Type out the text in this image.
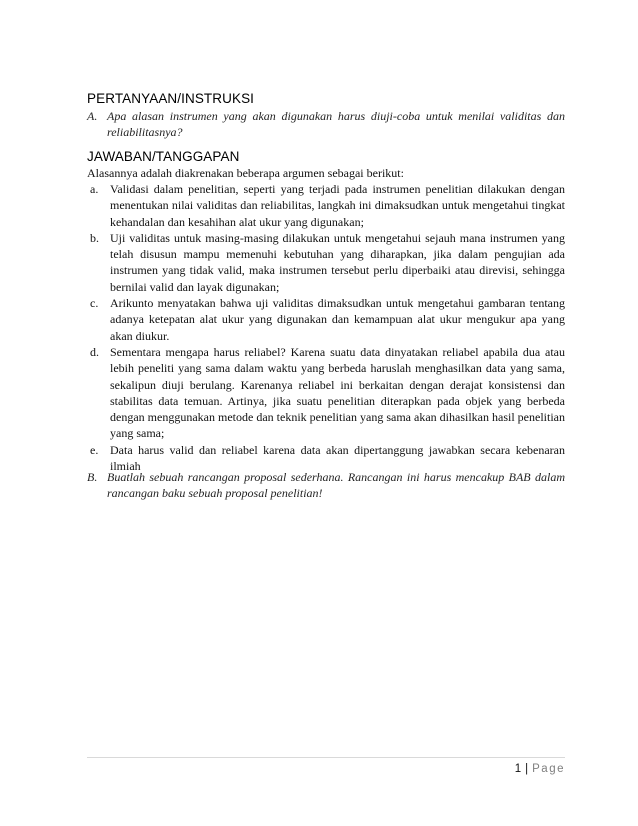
PERTANYAAN/INSTRUKSI
A. Apa alasan instrumen yang akan digunakan harus diuji-coba untuk menilai validitas dan reliabilitasnya?
JAWABAN/TANGGAPAN
Alasannya adalah diakrenakan beberapa argumen sebagai berikut:
a. Validasi dalam penelitian, seperti yang terjadi pada instrumen penelitian dilakukan dengan menentukan nilai validitas dan reliabilitas, langkah ini dimaksudkan untuk mengetahui tingkat kehandalan dan kesahihan alat ukur yang digunakan;
b. Uji validitas untuk masing-masing dilakukan untuk mengetahui sejauh mana instrumen yang telah disusun mampu memenuhi kebutuhan yang diharapkan, jika dalam pengujian ada instrumen yang tidak valid, maka instrumen tersebut perlu diperbaiki atau direvisi, sehingga bernilai valid dan layak digunakan;
c. Arikunto menyatakan bahwa uji validitas dimaksudkan untuk mengetahui gambaran tentang adanya ketepatan alat ukur yang digunakan dan kemampuan alat ukur mengukur apa yang akan diukur.
d. Sementara mengapa harus reliabel? Karena suatu data dinyatakan reliabel apabila dua atau lebih peneliti yang sama dalam waktu yang berbeda haruslah menghasilkan data yang sama, sekalipun diuji berulang. Karenanya reliabel ini berkaitan dengan derajat konsistensi dan stabilitas data temuan. Artinya, jika suatu penelitian diterapkan pada objek yang berbeda dengan menggunakan metode dan teknik penelitian yang sama akan dihasilkan hasil penelitian yang sama;
e. Data harus valid dan reliabel karena data akan dipertanggung jawabkan secara kebenaran ilmiah
B. Buatlah sebuah rancangan proposal sederhana. Rancangan ini harus mencakup BAB dalam rancangan baku sebuah proposal penelitian!
1 | Page
